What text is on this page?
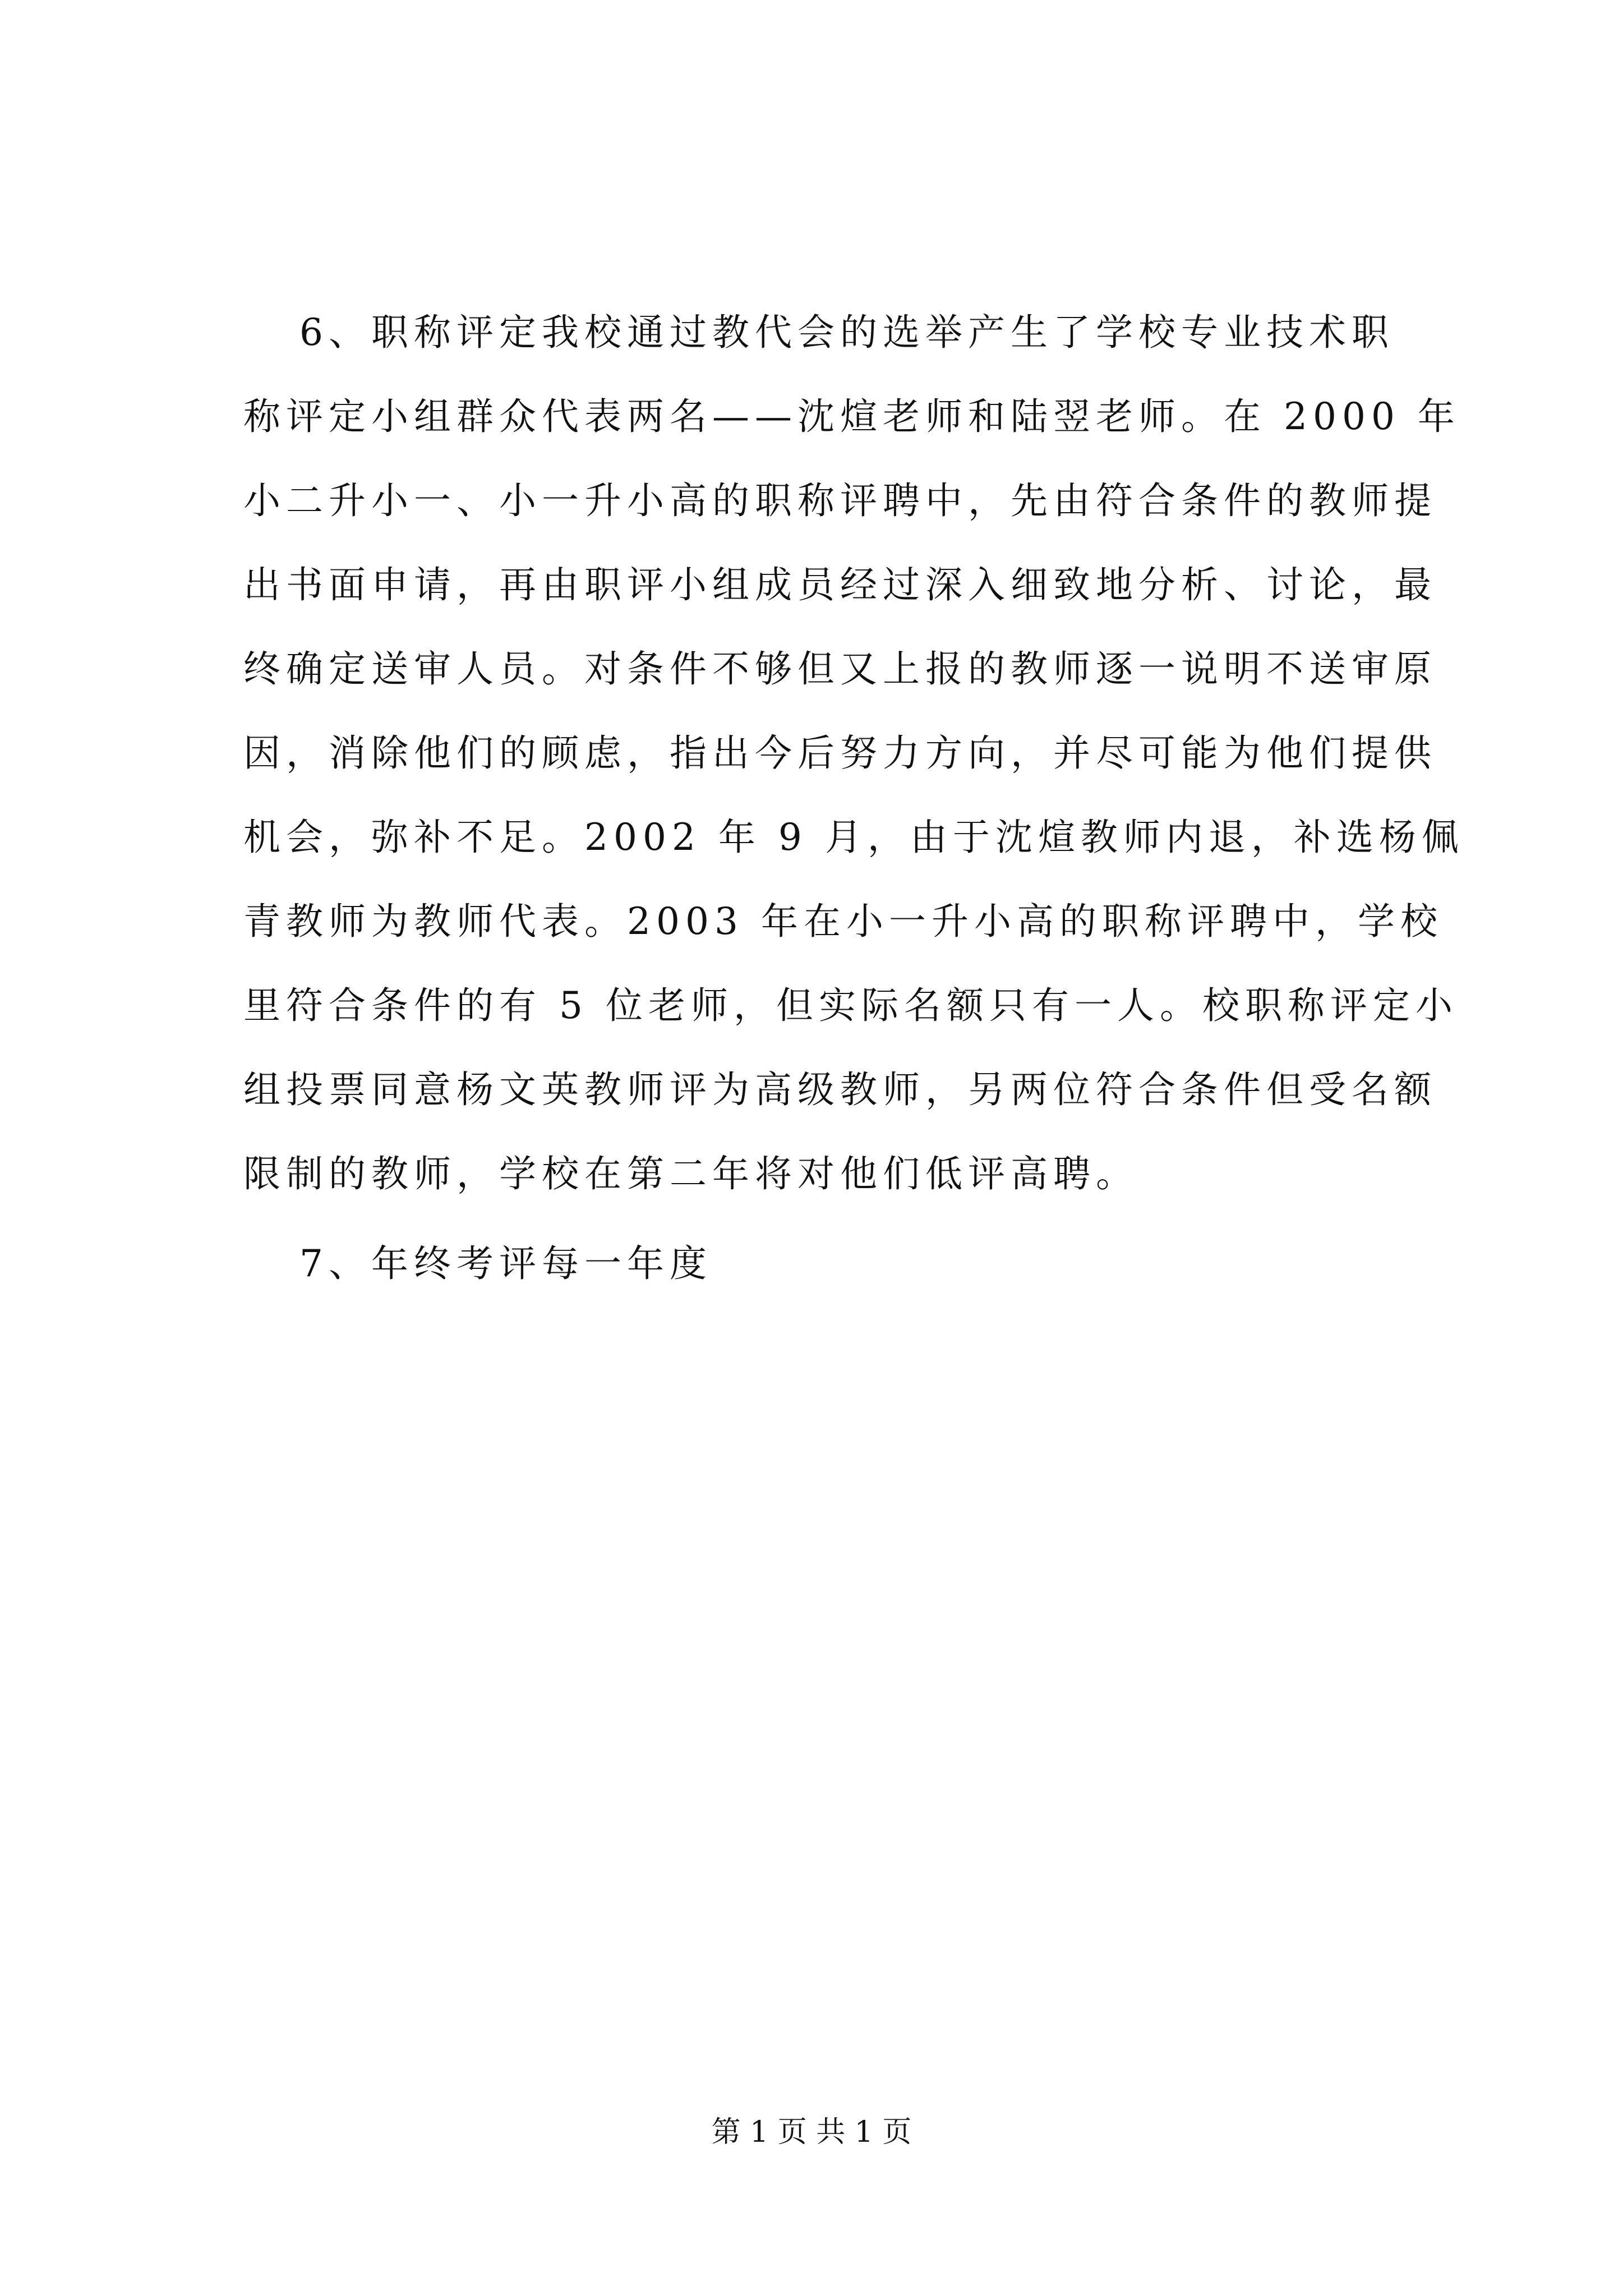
6、职称评定我校通过教代会的选举产生了学校专业技术职
称评定小组群众代表两名——沈煊老师和陆翌老师。在 2000 年
小二升小一、小一升小高的职称评聘中，先由符合条件的教师提
出书面申请，再由职评小组成员经过深入细致地分析、讨论，最
终确定送审人员。对条件不够但又上报的教师逐一说明不送审原
因，消除他们的顾虑，指出今后努力方向，并尽可能为他们提供
机会，弥补不足。2002 年 9 月，由于沈煊教师内退，补选杨佩
青教师为教师代表。2003 年在小一升小高的职称评聘中，学校
里符合条件的有 5 位老师，但实际名额只有一人。校职称评定小
组投票同意杨文英教师评为高级教师，另两位符合条件但受名额
限制的教师，学校在第二年将对他们低评高聘。
7、年终考评每一年度
第 1 页 共 1 页
